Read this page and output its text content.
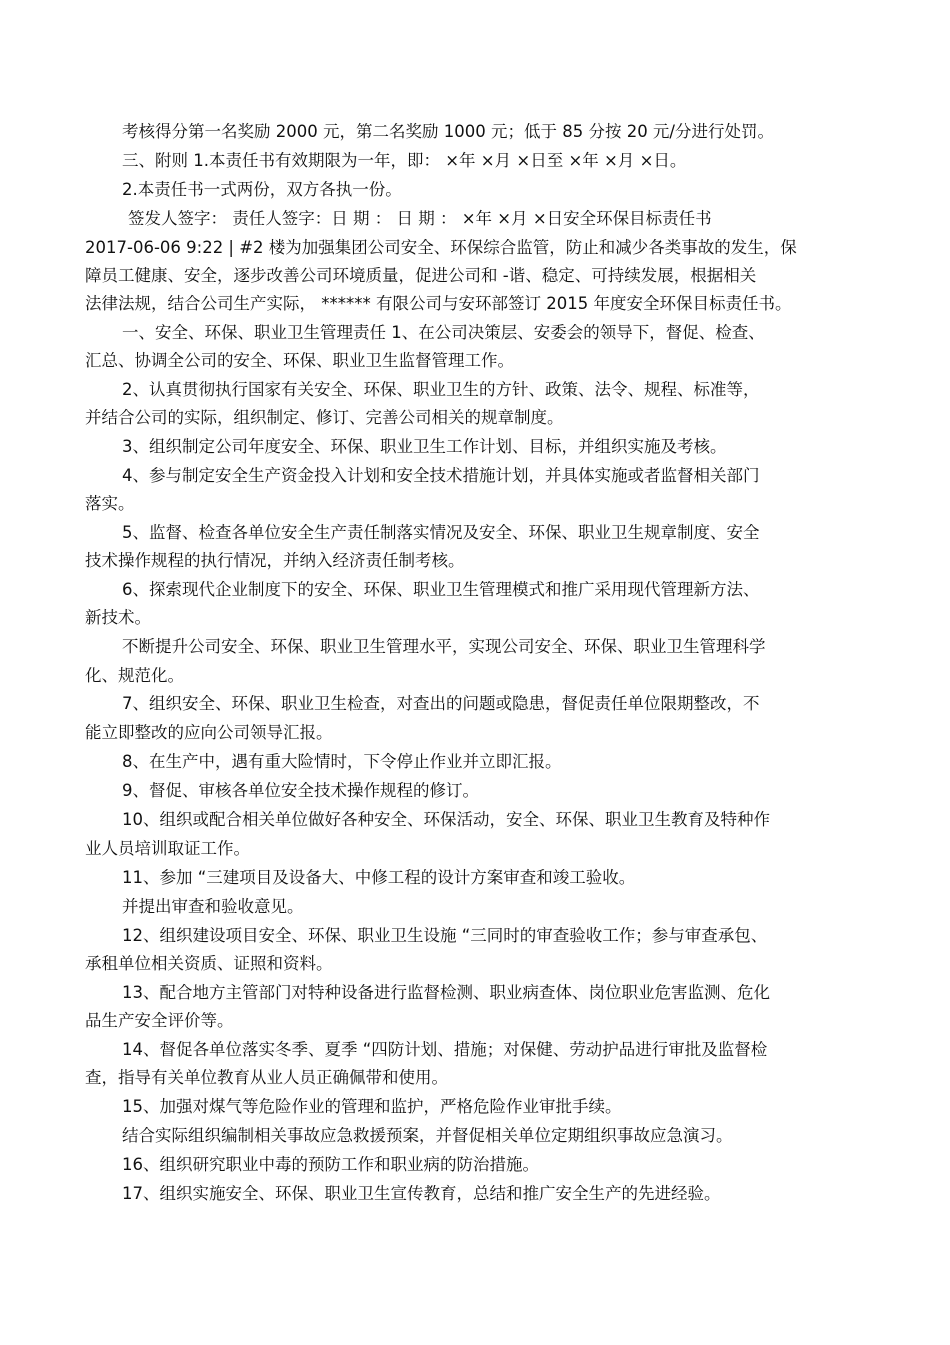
考核得分第一名奖励 2000 元，第二名奖励 1000 元；低于 85 分按 20 元/分进行处罚。
三、附则 1.本责任书有效期限为一年，即： ×年 ×月 ×日至 ×年 ×月 ×日。
2.本责任书一式两份，双方各执一份。
签发人签字： 责任人签字：日 期 ： 日 期 ： ×年 ×月 ×日安全环保目标责任书
2017-06-06 9:22 | #2 楼为加强集团公司安全、环保综合监管，防止和减少各类事故的发生，保
障员工健康、安全，逐步改善公司环境质量，促进公司和 -谐、稳定、可持续发展，根据相关
法律法规，结合公司生产实际， ****** 有限公司与安环部签订 2015 年度安全环保目标责任书。
一、安全、环保、职业卫生管理责任 1、在公司决策层、安委会的领导下，督促、检查、
汇总、协调全公司的安全、环保、职业卫生监督管理工作。
2、认真贯彻执行国家有关安全、环保、职业卫生的方针、政策、法令、规程、标准等，
并结合公司的实际，组织制定、修订、完善公司相关的规章制度。
3、组织制定公司年度安全、环保、职业卫生工作计划、目标，并组织实施及考核。
4、参与制定安全生产资金投入计划和安全技术措施计划，并具体实施或者监督相关部门
落实。
5、监督、检查各单位安全生产责任制落实情况及安全、环保、职业卫生规章制度、安全
技术操作规程的执行情况，并纳入经济责任制考核。
6、探索现代企业制度下的安全、环保、职业卫生管理模式和推广采用现代管理新方法、
新技术。
不断提升公司安全、环保、职业卫生管理水平，实现公司安全、环保、职业卫生管理科学
化、规范化。
7、组织安全、环保、职业卫生检查，对查出的问题或隐患，督促责任单位限期整改，不
能立即整改的应向公司领导汇报。
8、在生产中，遇有重大险情时，下令停止作业并立即汇报。
9、督促、审核各单位安全技术操作规程的修订。
10、组织或配合相关单位做好各种安全、环保活动，安全、环保、职业卫生教育及特种作
业人员培训取证工作。
11、参加 “三建项目及设备大、中修工程的设计方案审查和竣工验收。
并提出审查和验收意见。
12、组织建设项目安全、环保、职业卫生设施 “三同时的审查验收工作；参与审查承包、
承租单位相关资质、证照和资料。
13、配合地方主管部门对特种设备进行监督检测、职业病查体、岗位职业危害监测、危化
品生产安全评价等。
14、督促各单位落实冬季、夏季 “四防计划、措施；对保健、劳动护品进行审批及监督检
查，指导有关单位教育从业人员正确佩带和使用。
15、加强对煤气等危险作业的管理和监护，严格危险作业审批手续。
结合实际组织编制相关事故应急救援预案，并督促相关单位定期组织事故应急演习。
16、组织研究职业中毒的预防工作和职业病的防治措施。
17、组织实施安全、环保、职业卫生宣传教育，总结和推广安全生产的先进经验。
